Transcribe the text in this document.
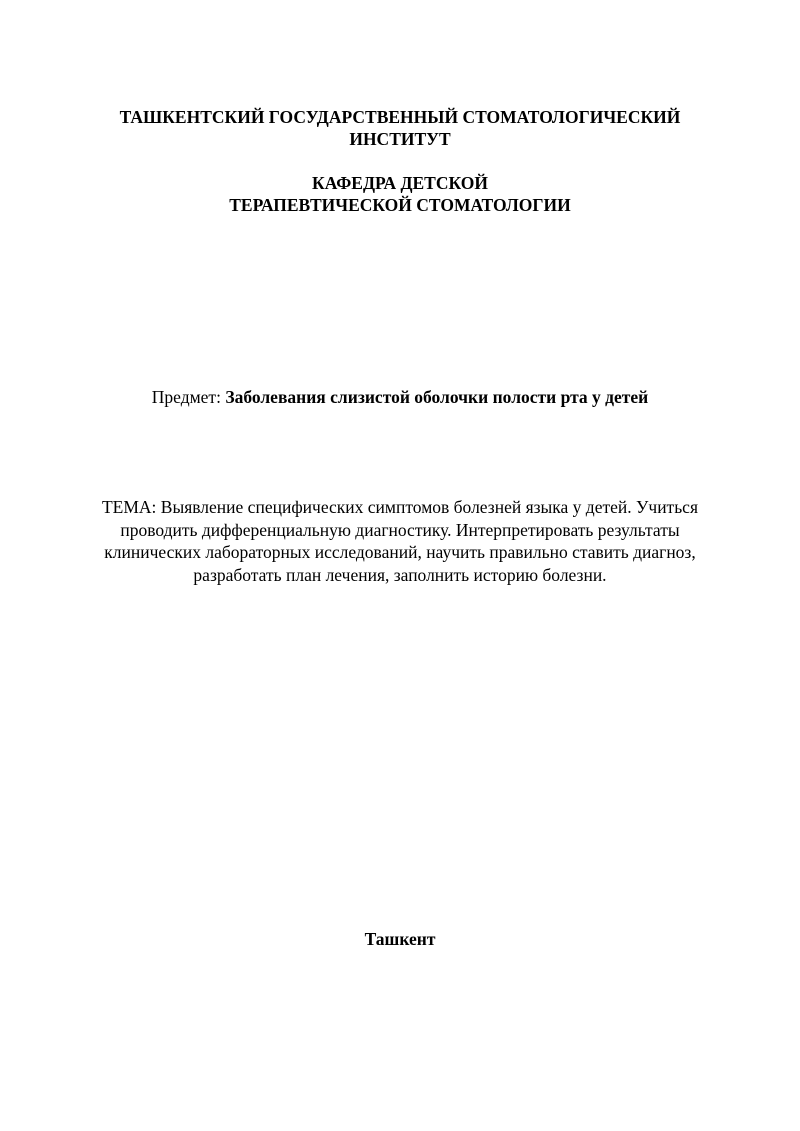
ТАШКЕНТСКИЙ ГОСУДАРСТВЕННЫЙ СТОМАТОЛОГИЧЕСКИЙ
ИНСТИТУТ
КАФЕДРА ДЕТСКОЙ
ТЕРАПЕВТИЧЕСКОЙ СТОМАТОЛОГИИ
Предмет: Заболевания слизистой оболочки полости рта у детей
ТЕМА: Выявление специфических симптомов болезней языка у детей. Учиться
проводить дифференциальную диагностику. Интерпретировать результаты
клинических лабораторных исследований, научить правильно ставить диагноз,
разработать план лечения, заполнить историю болезни.
Ташкент
